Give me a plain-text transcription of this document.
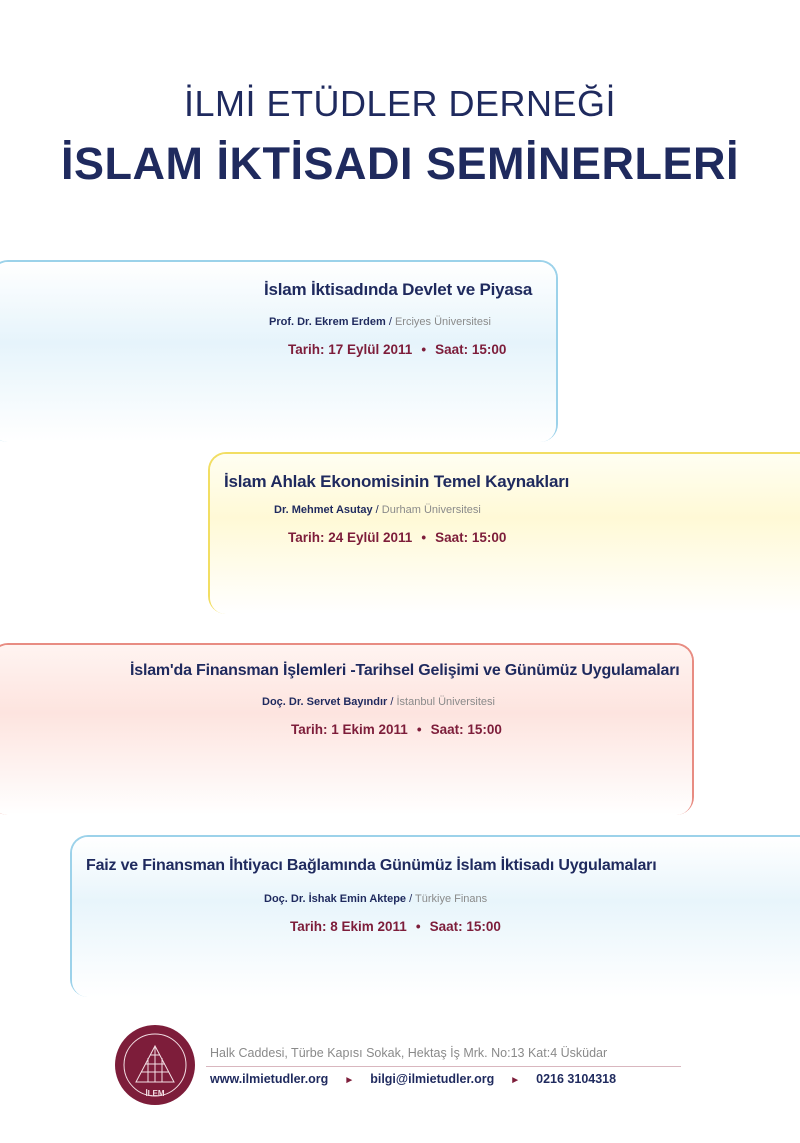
İLMİ ETÜDLER DERNEĞİ
İSLAM İKTİSADI SEMİNERLERİ
İslam İktisadında Devlet ve Piyasa
Prof. Dr. Ekrem Erdem / Erciyes Üniversitesi
Tarih: 17 Eylül 2011 • Saat: 15:00
İslam Ahlak Ekonomisinin Temel Kaynakları
Dr. Mehmet Asutay / Durham Üniversitesi
Tarih: 24 Eylül 2011 • Saat: 15:00
İslam'da Finansman İşlemleri -Tarihsel Gelişimi ve Günümüz Uygulamaları
Doç. Dr. Servet Bayındır / İstanbul Üniversitesi
Tarih: 1 Ekim 2011 • Saat: 15:00
Faiz ve Finansman İhtiyacı Bağlamında Günümüz İslam İktisadı Uygulamaları
Doç. Dr. İshak Emin Aktepe / Türkiye Finans
Tarih: 8 Ekim 2011 • Saat: 15:00
İLEM
Halk Caddesi, Türbe Kapısı Sokak, Hektaş İş Mrk. No:13 Kat:4 Üsküdar
www.ilmietudler.org ► bilgi@ilmietudler.org ► 0216 3104318
